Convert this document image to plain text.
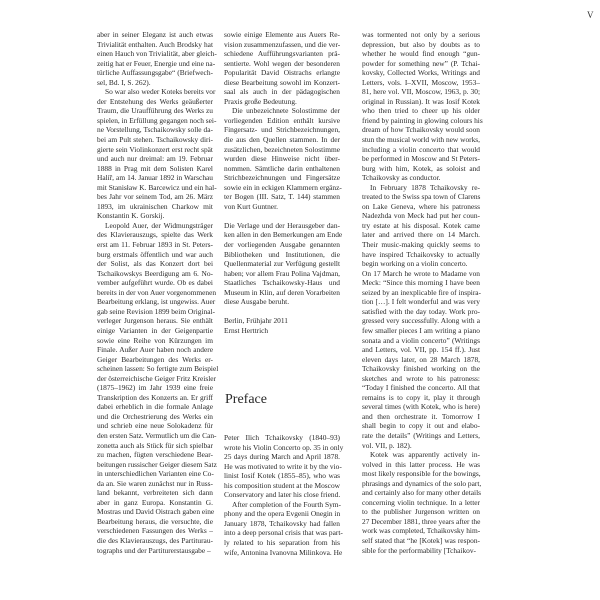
V
aber in seiner Eleganz ist auch etwas
Trivialität enthalten. Auch Brodsky hat
einen Hauch von Trivialität, aber gleich-
zeitig hat er Feuer, Energie und eine na-
türliche Auffassungsgabe“ (Briefwech-
sel, Bd. I, S. 262).
So war also weder Koteks bereits vor
der Entstehung des Werks geäußerter
Traum, die Uraufführung des Werks zu
spielen, in Erfüllung gegangen noch sei-
ne Vorstellung, Tschaikowsky solle da-
bei am Pult stehen. Tschaikowsky diri-
gierte sein Violinkonzert erst recht spät
und auch nur dreimal: am 19. Februar
1888 in Prag mit dem Solisten Karel
Halíř, am 14. Januar 1892 in Warschau
mit Stanisław K. Barcewicz und ein hal-
bes Jahr vor seinem Tod, am 26. März
1893, im ukrainischen Charkow mit
Konstantin K. Gorskij.
Leopold Auer, der Widmungsträger
des Klavierauszugs, spielte das Werk
erst am 11. Februar 1893 in St. Peters-
burg erstmals öffentlich und war auch
der Solist, als das Konzert dort bei
Tschaikowskys Beerdigung am 6. No-
vember aufgeführt wurde. Ob es dabei
bereits in der von Auer vorgenommenen
Bearbeitung erklang, ist ungewiss. Auer
gab seine Revision 1899 beim Original-
verleger Jurgenson heraus. Sie enthält
einige Varianten in der Geigenpartie
sowie eine Reihe von Kürzungen im
Finale. Außer Auer haben noch andere
Geiger Bearbeitungen des Werks er-
scheinen lassen: So fertigte zum Beispiel
der österreichische Geiger Fritz Kreisler
(1875–1962) im Jahr 1939 eine freie
Transkription des Konzerts an. Er griff
dabei erheblich in die formale Anlage
und die Orchestrierung des Werks ein
und schrieb eine neue Solokadenz für
den ersten Satz. Vermutlich um die Can-
zonetta auch als Stück für sich spielbar
zu machen, fügten verschiedene Bear-
beitungen russischer Geiger diesem Satz
in unterschiedlichen Varianten eine Co-
da an. Sie waren zunächst nur in Russ-
land bekannt, verbreiteten sich dann
aber in ganz Europa. Konstantin G.
Mostras und David Oistrach gaben eine
Bearbeitung heraus, die versuchte, die
verschiedenen Fassungen des Werks –
die des Klavierauszugs, des Partiturau-
tographs und der Partiturerstausgabe –
sowie einige Elemente aus Auers Re-
vision zusammenzufassen, und die ver-
schiedene Aufführungsvarianten prä-
sentierte. Wohl wegen der besonderen
Popularität David Oistrachs erlangte
diese Bearbeitung sowohl im Konzert-
saal als auch in der pädagogischen
Praxis große Bedeutung.
Die unbezeichnete Solostimme der
vorliegenden Edition enthält kursive
Fingersatz- und Strichbezeichnungen,
die aus den Quellen stammen. In der
zusätzlichen, bezeichneten Solostimme
wurden diese Hinweise nicht über-
nommen. Sämtliche darin enthaltenen
Strichbezeichnungen und Fingersätze
sowie ein in eckigen Klammern ergänz-
ter Bogen (III. Satz, T. 144) stammen
von Kurt Guntner.
Die Verlage und der Herausgeber dan-
ken allen in den Bemerkungen am Ende
der vorliegenden Ausgabe genannten
Bibliotheken und Institutionen, die
Quellenmaterial zur Verfügung gestellt
haben; vor allem Frau Polina Vajdman,
Staatliches Tschaikowsky-Haus und
Museum in Klin, auf deren Vorarbeiten
diese Ausgabe beruht.
Berlin, Frühjahr 2011
Ernst Herttrich
Preface
Peter Ilich Tchaikovsky (1840–93)
wrote his Violin Concerto op. 35 in only
25 days during March and April 1878.
He was motivated to write it by the vio-
linist Iosif Kotek (1855–85), who was
his composition student at the Moscow
Conservatory and later his close friend.
After completion of the Fourth Sym-
phony and the opera Evgenii Onegin in
January 1878, Tchaikovsky had fallen
into a deep personal crisis that was part-
ly related to his separation from his
wife, Antonina Ivanovna Milinkova. He
was tormented not only by a serious
depression, but also by doubts as to
whether he would find enough “gun-
powder for something new” (P. Tchai-
kovsky, Collected Works, Writings and
Letters, vols. I–XVII, Moscow, 1953–
81, here vol. VII, Moscow, 1963, p. 30;
original in Russian). It was Iosif Kotek
who then tried to cheer up his older
friend by painting in glowing colours his
dream of how Tchaikovsky would soon
stun the musical world with new works,
including a violin concerto that would
be performed in Moscow and St Peters-
burg with him, Kotek, as soloist and
Tchaikovsky as conductor.
In February 1878 Tchaikovsky re-
treated to the Swiss spa town of Clarens
on Lake Geneva, where his patroness
Nadezhda von Meck had put her coun-
try estate at his disposal. Kotek came
later and arrived there on 14 March.
Their music-making quickly seems to
have inspired Tchaikovsky to actually
begin working on a violin concerto.
On 17 March he wrote to Madame von
Meck: “Since this morning I have been
seized by an inexplicable fire of inspira-
tion […]. I felt wonderful and was very
satisfied with the day today. Work pro-
gressed very successfully. Along with a
few smaller pieces I am writing a piano
sonata and a violin concerto” (Writings
and Letters, vol. VII, pp. 154 ff.). Just
eleven days later, on 28 March 1878,
Tchaikovsky finished working on the
sketches and wrote to his patroness:
“Today I finished the concerto. All that
remains is to copy it, play it through
several times (with Kotek, who is here)
and then orchestrate it. Tomorrow I
shall begin to copy it out and elabo-
rate the details” (Writings and Letters,
vol. VII, p. 182).
Kotek was apparently actively in-
volved in this latter process. He was
most likely responsible for the bowings,
phrasings and dynamics of the solo part,
and certainly also for many other details
concerning violin technique. In a letter
to the publisher Jurgenson written on
27 December 1881, three years after the
work was completed, Tchaikovsky him-
self stated that “he [Kotek] was respon-
sible for the performability [Tchaikov-
